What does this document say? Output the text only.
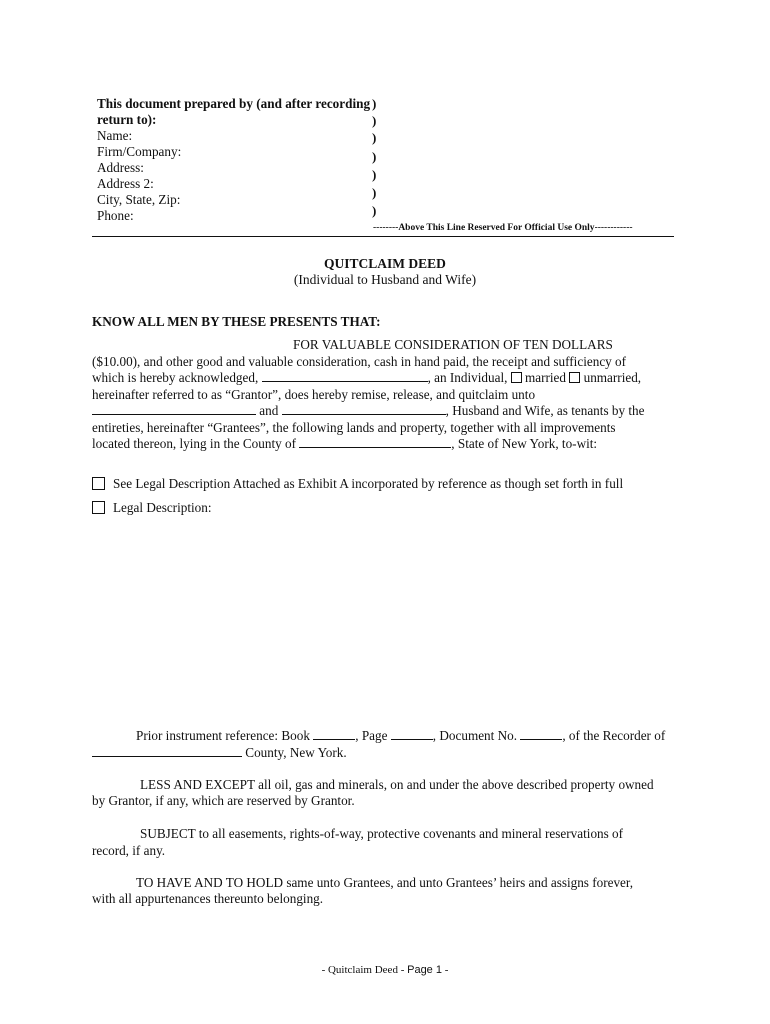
This document prepared by (and after recording
return to):
Name:
Firm/Company:
Address:
Address 2:
City, State, Zip:
Phone:
)
)
)
)
)
)
)
--------Above This Line Reserved For Official Use Only------------
QUITCLAIM DEED
(Individual to Husband and Wife)
KNOW ALL MEN BY THESE PRESENTS THAT:
FOR VALUABLE CONSIDERATION OF TEN DOLLARS
($10.00), and other good and valuable consideration, cash in hand paid, the receipt and sufficiency of
which is hereby acknowledged,	, an Individual, married unmarried,
hereinafter referred to as “Grantor”, does hereby remise, release, and quitclaim unto
and	, Husband and Wife, as tenants by the
entireties, hereinafter “Grantees”, the following lands and property, together with all improvements
located thereon, lying in the County of	, State of New York, to-wit:
See Legal Description Attached as Exhibit A incorporated by reference as though set forth in full
Legal Description:
Prior instrument reference: Book	, Page	, Document No.	, of the Recorder of
County, New York.
LESS AND EXCEPT all oil, gas and minerals, on and under the above described property owned
by Grantor, if any, which are reserved by Grantor.
SUBJECT to all easements, rights-of-way, protective covenants and mineral reservations of
record, if any.
TO HAVE AND TO HOLD same unto Grantees, and unto Grantees’ heirs and assigns forever,
with all appurtenances thereunto belonging.
- Quitclaim Deed - Page 1 -
